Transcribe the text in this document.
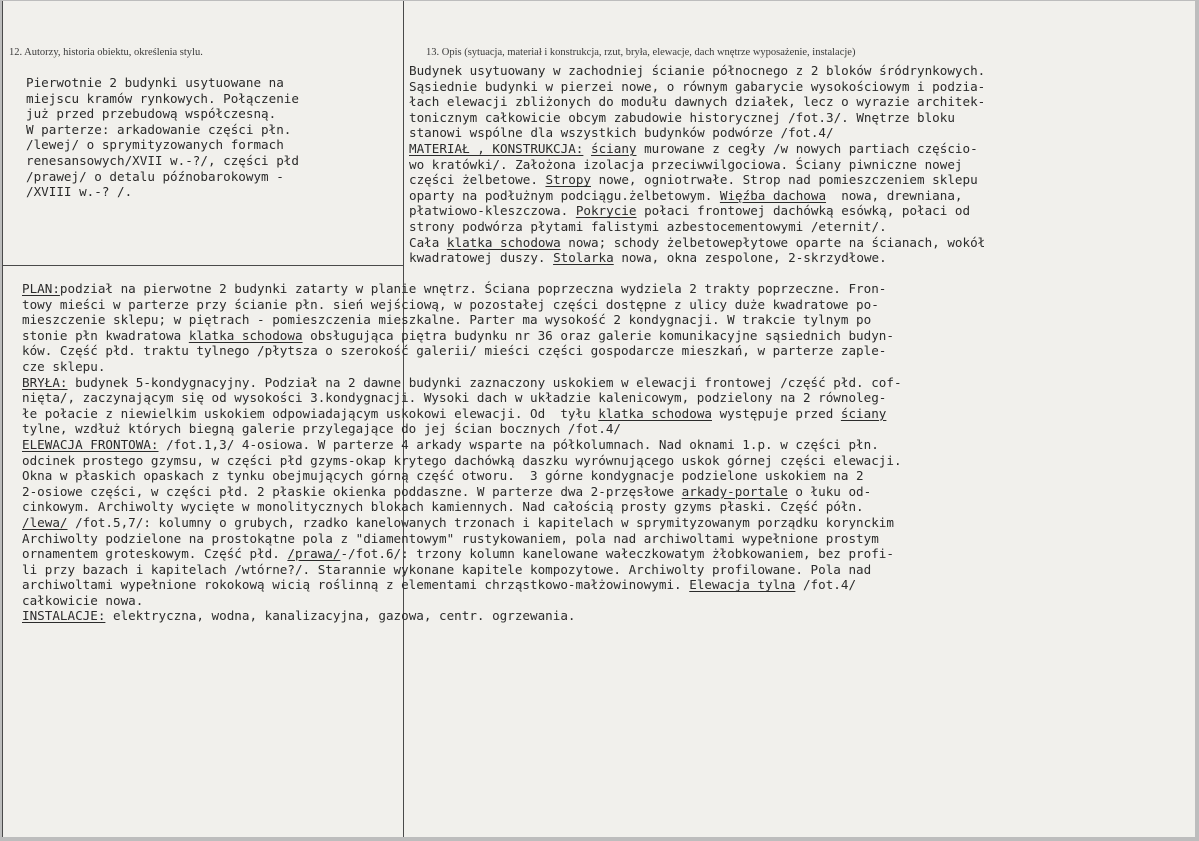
12. Autorzy, historia obiektu, określenia stylu.	13. Opis (sytuacja, materiał i konstrukcja, rzut, bryła, elewacje, dach wnętrze wyposażenie, instalacje)
Pierwotnie 2 budynki usytuowane na
miejscu kramów rynkowych. Połączenie
już przed przebudową współczesną.
W parterze: arkadowanie części płn.
/lewej/ o sprymityzowanych formach
renesansowych/XVII w.-?/, części płd
/prawej/ o detalu późnobarokowym -
/XVIII w.-? /.
Budynek usytuowany w zachodniej ścianie północnego z 2 bloków śródrynkowych.
Sąsiednie budynki w pierzei nowe, o równym gabarycie wysokościowym i podzia-
łach elewacji zbliżonych do modułu dawnych działek, lecz o wyrazie architek-
tonicznym całkowicie obcym zabudowie historycznej /fot.3/. Wnętrze bloku
stanowi wspólne dla wszystkich budynków podwórze /fot.4/
MATERIAŁ , KONSTRUKCJA: ściany murowane z cegły /w nowych partiach częścio-
wo kratówki/. Założona izolacja przeciwwilgociowa. Ściany piwniczne nowej
części żelbetowe. Stropy nowe, ogniotrwałe. Strop nad pomieszczeniem sklepu
oparty na podłużnym podciągu.żelbetowym. Więźba dachowa  nowa, drewniana,
płatwiowo-kleszczowa. Pokrycie połaci frontowej dachówką esówką, połaci od
strony podwórza płytami falistymi azbestocementowymi /eternit/.
Cała klatka schodowa nowa; schody żelbetowepłytowe oparte na ścianach, wokół
kwadratowej duszy. Stolarka nowa, okna zespolone, 2-skrzydłowe.
PLAN:podział na pierwotne 2 budynki zatarty w planie wnętrz. Ściana poprzeczna wydziela 2 trakty poprzeczne. Fron-
towy mieści w parterze przy ścianie płn. sień wejściową, w pozostałej części dostępne z ulicy duże kwadratowe po-
mieszczenie sklepu; w piętrach - pomieszczenia mieszkalne. Parter ma wysokość 2 kondygnacji. W trakcie tylnym po
stonie płn kwadratowa klatka schodowa obsługująca piętra budynku nr 36 oraz galerie komunikacyjne sąsiednich budyn-
ków. Część płd. traktu tylnego /płytsza o szerokość galerii/ mieści części gospodarcze mieszkań, w parterze zaple-
cze sklepu.
BRYŁA: budynek 5-kondygnacyjny. Podział na 2 dawne budynki zaznaczony uskokiem w elewacji frontowej /część płd. cof-
nięta/, zaczynającym się od wysokości 3.kondygnacji. Wysoki dach w układzie kalenicowym, podzielony na 2 równoleg-
łe połacie z niewielkim uskokiem odpowiadającym uskokowi elewacji. Od  tyłu klatka schodowa występuje przed ściany
tylne, wzdłuż których biegną galerie przylegające do jej ścian bocznych /fot.4/
ELEWACJA FRONTOWA: /fot.1,3/ 4-osiowa. W parterze 4 arkady wsparte na półkolumnach. Nad oknami 1.p. w części płn.
odcinek prostego gzymsu, w części płd gzyms-okap krytego dachówką daszku wyrównującego uskok górnej części elewacji.
Okna w płaskich opaskach z tynku obejmujących górną część otworu.  3 górne kondygnacje podzielone uskokiem na 2
2-osiowe części, w części płd. 2 płaskie okienka poddaszne. W parterze dwa 2-przęsłowe arkady-portale o łuku od-
cinkowym. Archiwolty wycięte w monolitycznych blokach kamiennych. Nad całością prosty gzyms płaski. Część półn.
/lewa/ /fot.5,7/: kolumny o grubych, rzadko kanelowanych trzonach i kapitelach w sprymityzowanym porządku korynckim
Archiwolty podzielone na prostokątne pola z "diamentowym" rustykowaniem, pola nad archiwoltami wypełnione prostym
ornamentem groteskowym. Część płd. /prawa/-/fot.6/: trzony kolumn kanelowane wałeczkowatym żłobkowaniem, bez profi-
li przy bazach i kapitelach /wtórne?/. Starannie wykonane kapitele kompozytowe. Archiwolty profilowane. Pola nad
archiwoltami wypełnione rokokową wicią roślinną z elementami chrząstkowo-małżowinowymi. Elewacja tylna /fot.4/
całkowicie nowa.
INSTALACJE: elektryczna, wodna, kanalizacyjna, gazowa, centr. ogrzewania.
